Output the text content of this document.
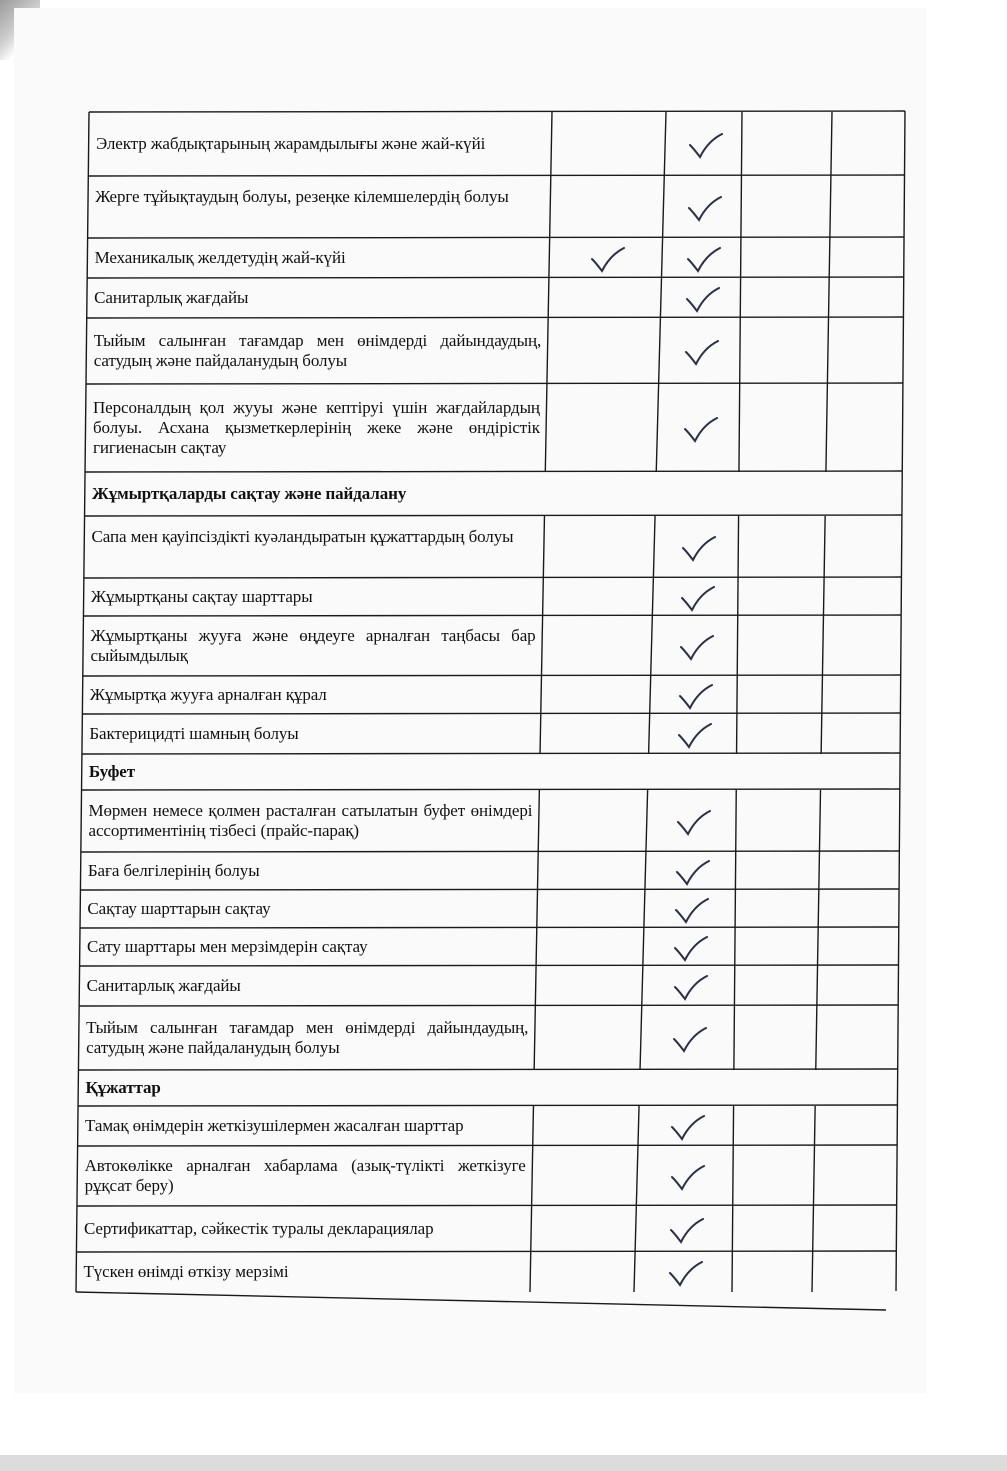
Электр жабдықтарының жарамдылығы және жай-күйі
Жерге тұйықтаудың болуы, резеңке кілемшелердің болуы
Механикалық желдетудің жай-күйі
Санитарлық жағдайы
Тыйым салынған тағамдар мен өнімдерді дайындаудың, сатудың және пайдаланудың болуы
Персоналдың қол жууы және кептіруі үшін жағдайлардың болуы. Асхана қызметкерлерінің жеке және өндірістік гигиенасын сақтау
Жұмыртқаларды сақтау және пайдалану
Сапа мен қауіпсіздікті куәландыратын құжаттардың болуы
Жұмыртқаны сақтау шарттары
Жұмыртқаны жууға және өңдеуге арналған таңбасы бар сыйымдылық
Жұмыртқа жууға арналған құрал
Бактерицидті шамның болуы
Буфет
Мөрмен немесе қолмен расталған сатылатын буфет өнімдері ассортиментінің тізбесі (прайс-парақ)
Баға белгілерінің болуы
Сақтау шарттарын сақтау
Сату шарттары мен мерзімдерін сақтау
Санитарлық жағдайы
Тыйым салынған тағамдар мен өнімдерді дайындаудың, сатудың және пайдаланудың болуы
Құжаттар
Тамақ өнімдерін жеткізушілермен жасалған шарттар
Автокөлікке арналған хабарлама (азық-түлікті жеткізуге рұқсат беру)
Сертификаттар, сәйкестік туралы декларациялар
Түскен өнімді өткізу мерзімі
